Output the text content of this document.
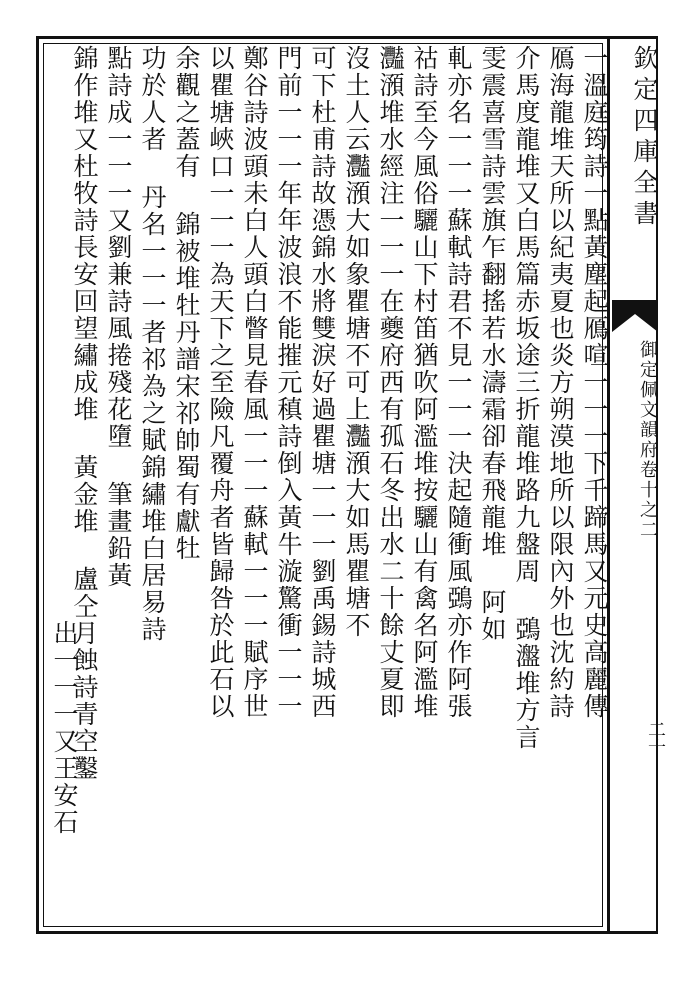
欽定四庫全書
御定佩文韻府卷十之二
二十
一溫庭筠詩一點黃塵起鴈喧一一一下千蹄馬又元史高麗傳
鴈海龍堆天所以紀夷夏也炎方朔漠地所以限內外也沈約詩
介馬度龍堆又白馬篇赤坂途三折龍堆路九盤周 鵶瀊堆方言
雯震喜雪詩雲旗乍翻搖若水濤霜卻春飛龍堆 阿如
軋亦名一一一蘇軾詩君不見一一一決起隨衝風鵶亦作阿張
祜詩至今風俗驪山下村笛猶吹阿濫堆按驪山有禽名阿濫堆
灩澦堆水經注一一一在夔府西有孤石冬出水二十餘丈夏即
沒土人云灩澦大如象瞿塘不可上灩澦大如馬瞿塘不
可下杜甫詩故憑錦水將雙淚好過瞿塘一一一劉禹錫詩城西
門前一一一年年波浪不能摧元稹詩倒入黃牛漩驚衝一一一
鄭谷詩波頭未白人頭白瞥見春風一一一蘇軾一一一賦序世
以瞿塘峽口一一一為天下之至險凡覆舟者皆歸咎於此石以
余觀之蓋有 錦被堆牡丹譜宋祁帥蜀有獻牡
功於人者 丹名一一一者祁為之賦錦繡堆白居易詩
點詩成一一一又劉兼詩風捲殘花墮 筆畫鉛黃
錦作堆又杜牧詩長安回望繡成堆 黃金堆 盧仝月蝕詩青空鑿
出一一一又王安石
